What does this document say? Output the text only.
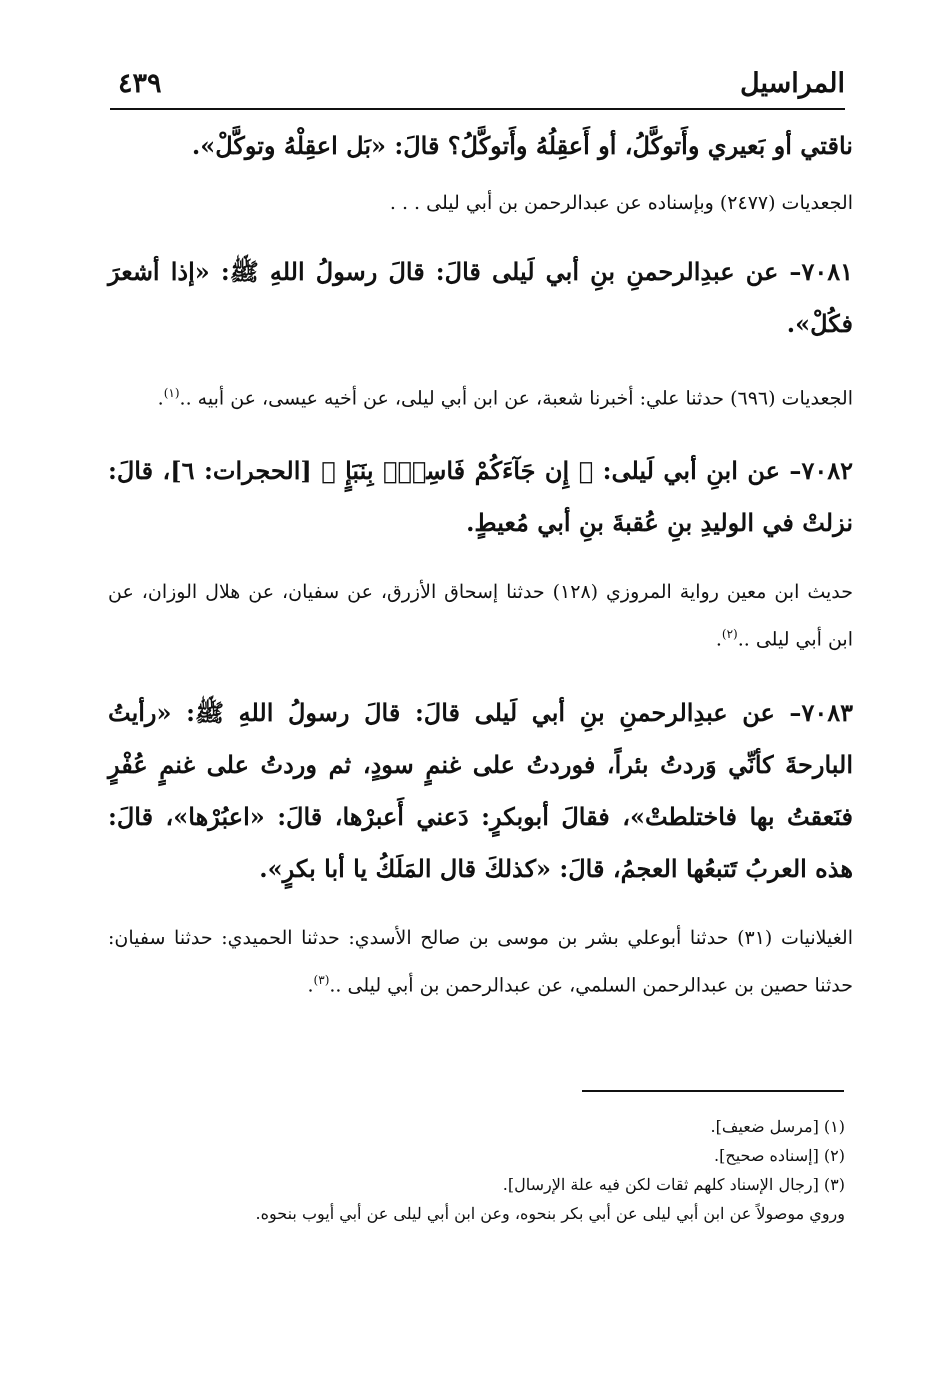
المراسيل
٤٣٩

ناقتي أو بَعيري وأَتوكَّلُ، أو أَعقِلُهُ وأَتوكَّلُ؟ قالَ: «بَل اعقِلْهُ وتوكَّلْ».

الجعديات (٢٤٧٧) وبإسناده عن عبدالرحمن بن أبي ليلى . . .

٧٠٨١– عن عبدِالرحمنِ بنِ أبي لَيلى قالَ: قالَ رسولُ اللهِ ﷺ: «إذا أشعرَ فكُلْ».

الجعديات (٦٩٦) حدثنا علي: أخبرنا شعبة، عن ابن أبي ليلى، عن أخيه عيسى، عن أبيه ..$^{(١)}$.

٧٠٨٢– عن ابنِ أبي لَيلى: ﴿ إِن جَآءَكُمْ فَاسِقُۢ بِنَبَإٍ ﴾ [الحجرات: ٦]، قالَ: نزلتْ في الوليدِ بنِ عُقبةَ بنِ أبي مُعيطٍ.

حديث ابن معين رواية المروزي (١٢٨) حدثنا إسحاق الأزرق، عن سفيان، عن هلال الوزان، عن ابن أبي ليلى ..$^{(٢)}$.

٧٠٨٣– عن عبدِالرحمنِ بنِ أبي لَيلى قالَ: قالَ رسولُ اللهِ ﷺ: «رأيتُ البارحةَ كأنِّي وَردتُ بئراً، فوردتُ على غنمٍ سودٍ، ثم وردتُ على غنمٍ عُفْرٍ فنَعقتُ بها فاختلطتْ»، فقالَ أبوبكرٍ: دَعني أَعبرْها، قالَ: «اعبُرْها»، قالَ: هذه العربُ تَتبعُها العجمُ، قالَ: «كذلكَ قال المَلَكُ يا أبا بكرٍ».

الغيلانيات (٣١) حدثنا أبوعلي بشر بن موسى بن صالح الأسدي: حدثنا الحميدي: حدثنا سفيان: حدثنا حصين بن عبدالرحمن السلمي، عن عبدالرحمن بن أبي ليلى ..$^{(٣)}$.

(١) [مرسل ضعيف].

(٢) [إسناده صحيح].

(٣) [رجال الإسناد كلهم ثقات لكن فيه علة الإرسال].

وروي موصولاً عن ابن أبي ليلى عن أبي بكر بنحوه، وعن ابن أبي ليلى عن أبي أيوب بنحوه.
